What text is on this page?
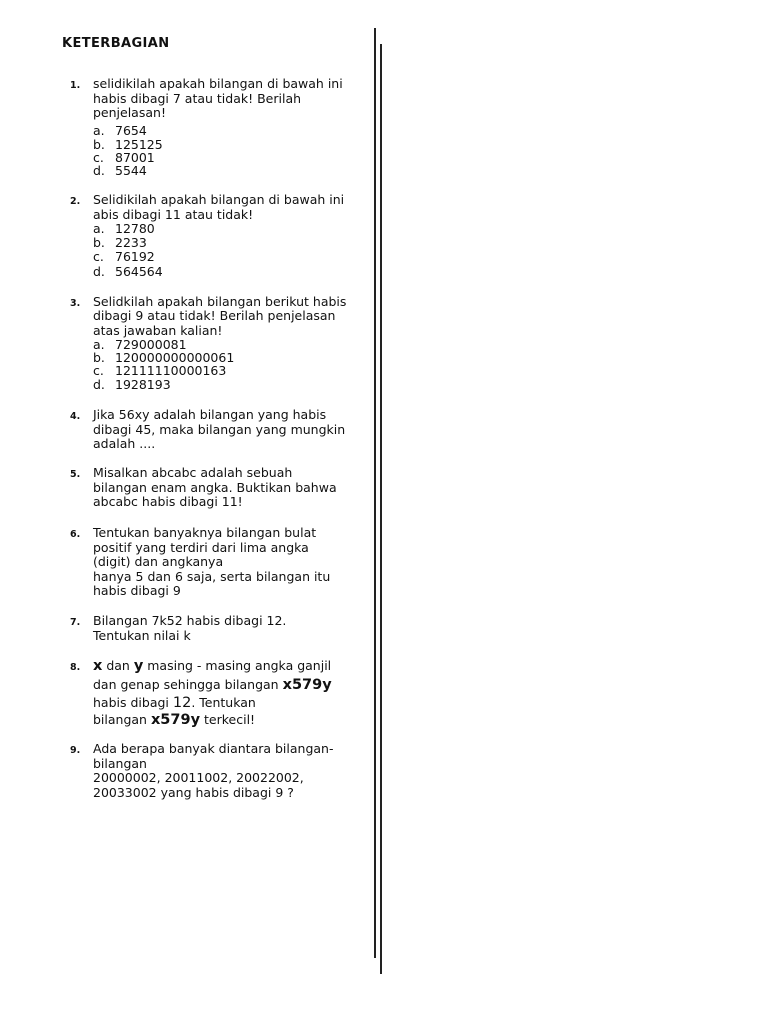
KETERBAGIAN
1. selidikilah apakah bilangan di bawah ini
habis dibagi 7 atau tidak! Berilah
penjelasan!
a. 7654
b. 125125
c. 87001
d. 5544
2. Selidikilah apakah bilangan di bawah ini
abis dibagi 11 atau tidak!
a. 12780
b. 2233
c. 76192
d. 564564
3. Selidkilah apakah bilangan berikut habis
dibagi 9 atau tidak! Berilah penjelasan
atas jawaban kalian!
a. 729000081
b. 120000000000061
c. 12111110000163
d. 1928193
4. Jika 56xy adalah bilangan yang habis
dibagi 45, maka bilangan yang mungkin
adalah ....
5. Misalkan abcabc adalah sebuah
bilangan enam angka. Buktikan bahwa
abcabc habis dibagi 11!
6. Tentukan banyaknya bilangan bulat
positif yang terdiri dari lima angka
(digit) dan angkanya
hanya 5 dan 6 saja, serta bilangan itu
habis dibagi 9
7. Bilangan 7k52 habis dibagi 12.
Tentukan nilai k
8. x dan y masing - masing angka ganjil
dan genap sehingga bilangan x579y
habis dibagi 12. Tentukan
bilangan x579y terkecil!
9. Ada berapa banyak diantara bilangan-
bilangan
20000002, 20011002, 20022002,
20033002 yang habis dibagi 9 ?
